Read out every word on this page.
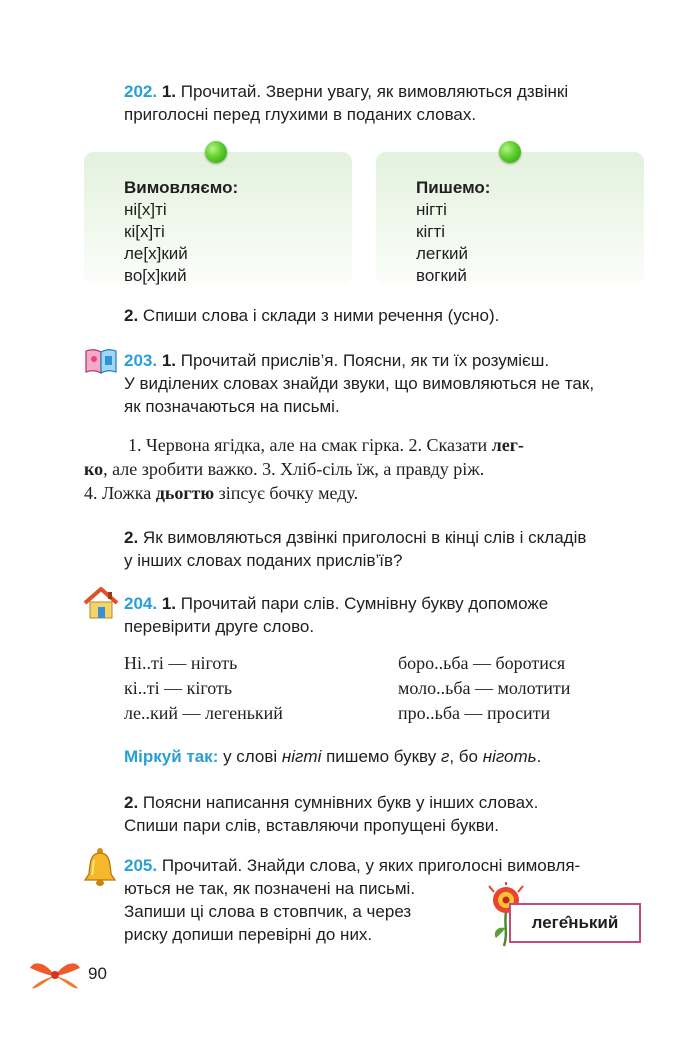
202. 1. Прочитай. Зверни увагу, як вимовляються дзвінкі
приголосні перед глухими в поданих словах.
Вимовляємо:
ні[х]ті
кі[х]ті
ле[х]кий
во[х]кий
Пишемо:
нігті
кігті
легкий
вогкий
2. Спиши слова і склади з ними речення (усно).
203. 1. Прочитай прислів’я. Поясни, як ти їх розумієш.
У виділених словах знайди звуки, що вимовляються не так,
як позначаються на письмі.
1. Червона ягідка, але на смак гірка. 2. Сказати лег-
ко, але зробити важко. 3. Хліб-сіль їж, а правду ріж.
4. Ложка дьогтю зіпсує бочку меду.
2. Як вимовляються дзвінкі приголосні в кінці слів і складів
у інших словах поданих прислів’їв?
204. 1. Прочитай пари слів. Сумнівну букву допоможе
перевірити друге слово.
Ні..ті — ніготь
кі..ті — кіготь
ле..кий — легенький
боро..ьба — боротися
моло..ьба — молотити
про..ьба — просити
Міркуй так: у слові нігті пишемо букву г, бо ніготь.
2. Поясни написання сумнівних букв у інших словах.
Спиши пари слів, вставляючи пропущені букви.
205. Прочитай. Знайди слова, у яких приголосні вимовля-
ються не так, як позначені на письмі.
Запиши ці слова в стовпчик, а через
риску допиши перевірні до них.
леге̂нький
90
